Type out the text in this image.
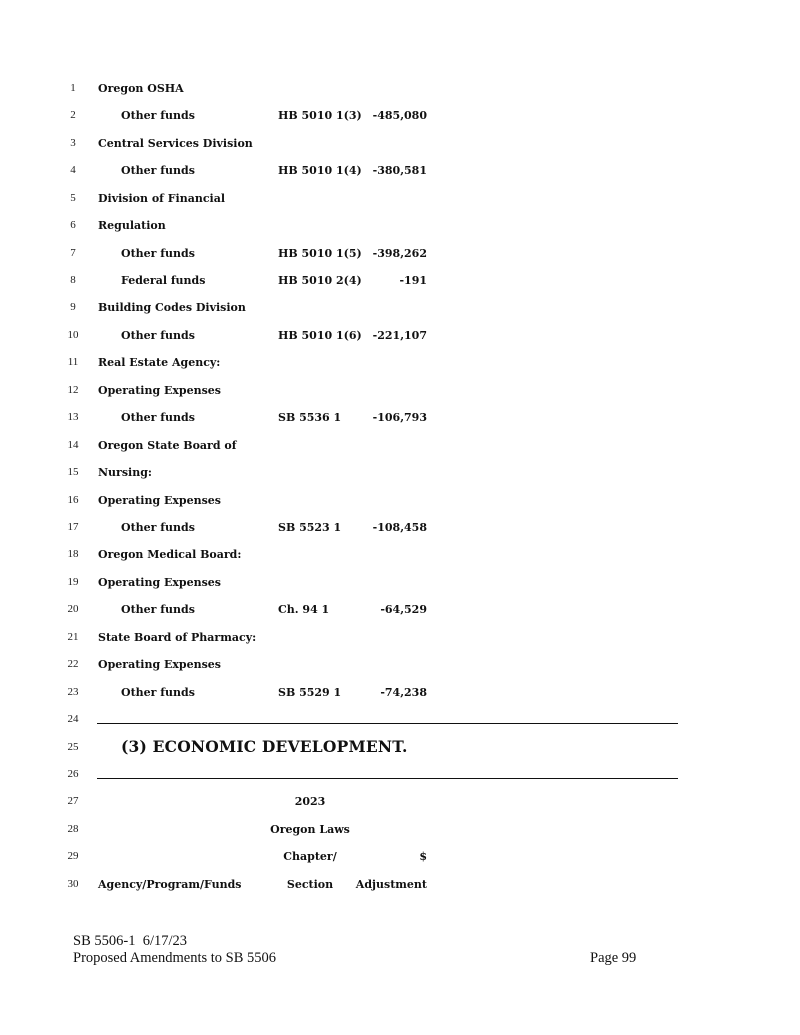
1	Oregon OSHA
2	Other funds	HB 5010 1(3) -485,080
3	Central Services Division
4	Other funds	HB 5010 1(4) -380,581
5	Division of Financial
6	Regulation
7	Other funds	HB 5010 1(5) -398,262
8	Federal funds	HB 5010 2(4)	-191
9	Building Codes Division
10	Other funds	HB 5010 1(6) -221,107
11	Real Estate Agency:
12	Operating Expenses
13	Other funds	SB 5536 1	-106,793
14	Oregon State Board of
15	Nursing:
16	Operating Expenses
17	Other funds	SB 5523 1	-108,458
18	Oregon Medical Board:
19	Operating Expenses
20	Other funds	Ch. 94 1	-64,529
21	State Board of Pharmacy:
22	Operating Expenses
23	Other funds	SB 5529 1	-74,238
24
25	(3) ECONOMIC DEVELOPMENT.
26
27	2023
28	Oregon Laws
29	Chapter/	$
30	Agency/Program/Funds	Section	Adjustment
SB 5506-1 6/17/23
Proposed Amendments to SB 5506	Page 99
